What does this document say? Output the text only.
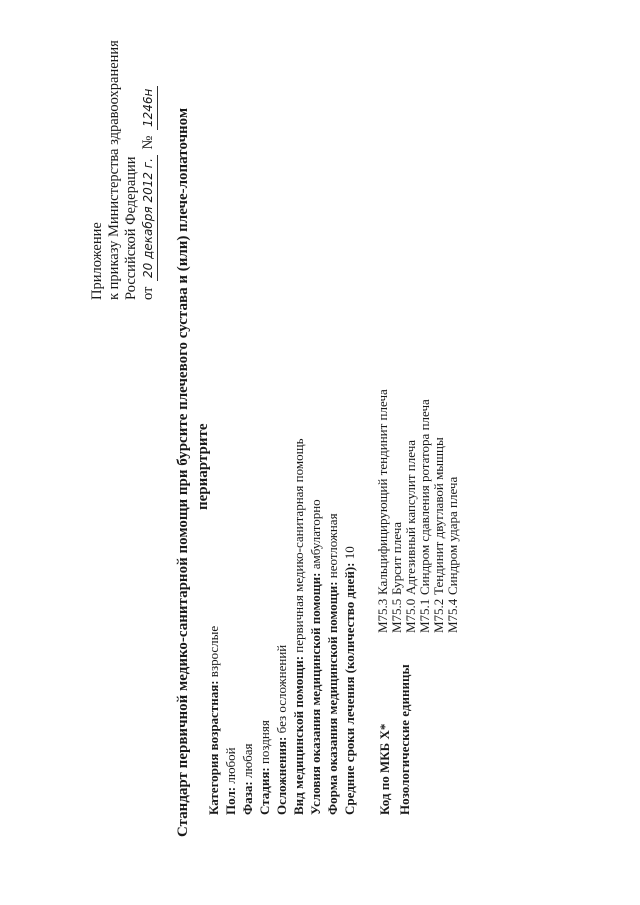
Приложение к приказу Министерства здравоохранения Российской Федерации от 20 декабря 2012 г. № 1246н
Стандарт первичной медико-санитарной помощи при бурсите плечевого сустава и (или) плече-лопаточном периартрите
Категория возрастная: взрослые
Пол: любой
Фаза: любая
Стадия: поздняя Осложнения: без осложнений Вид медицинской помощи: первичная медико-санитарная помощь
Условия оказания медицинской помощи: амбулаторно
Форма оказания медицинской помощи: неотложная
Средние сроки лечения (количество дней): 10
Код по МКБ X* Нозологические единицы
M75.3Кальцифицирующий тендинит плеча
M75.5Бурсит плеча
M75.0Адгезивный капсулит плеча
M75.1Синдром сдавления ротатора плеча
M75.2Тендинит двуглавой мышцы
M75.4Синдром удара плеча
